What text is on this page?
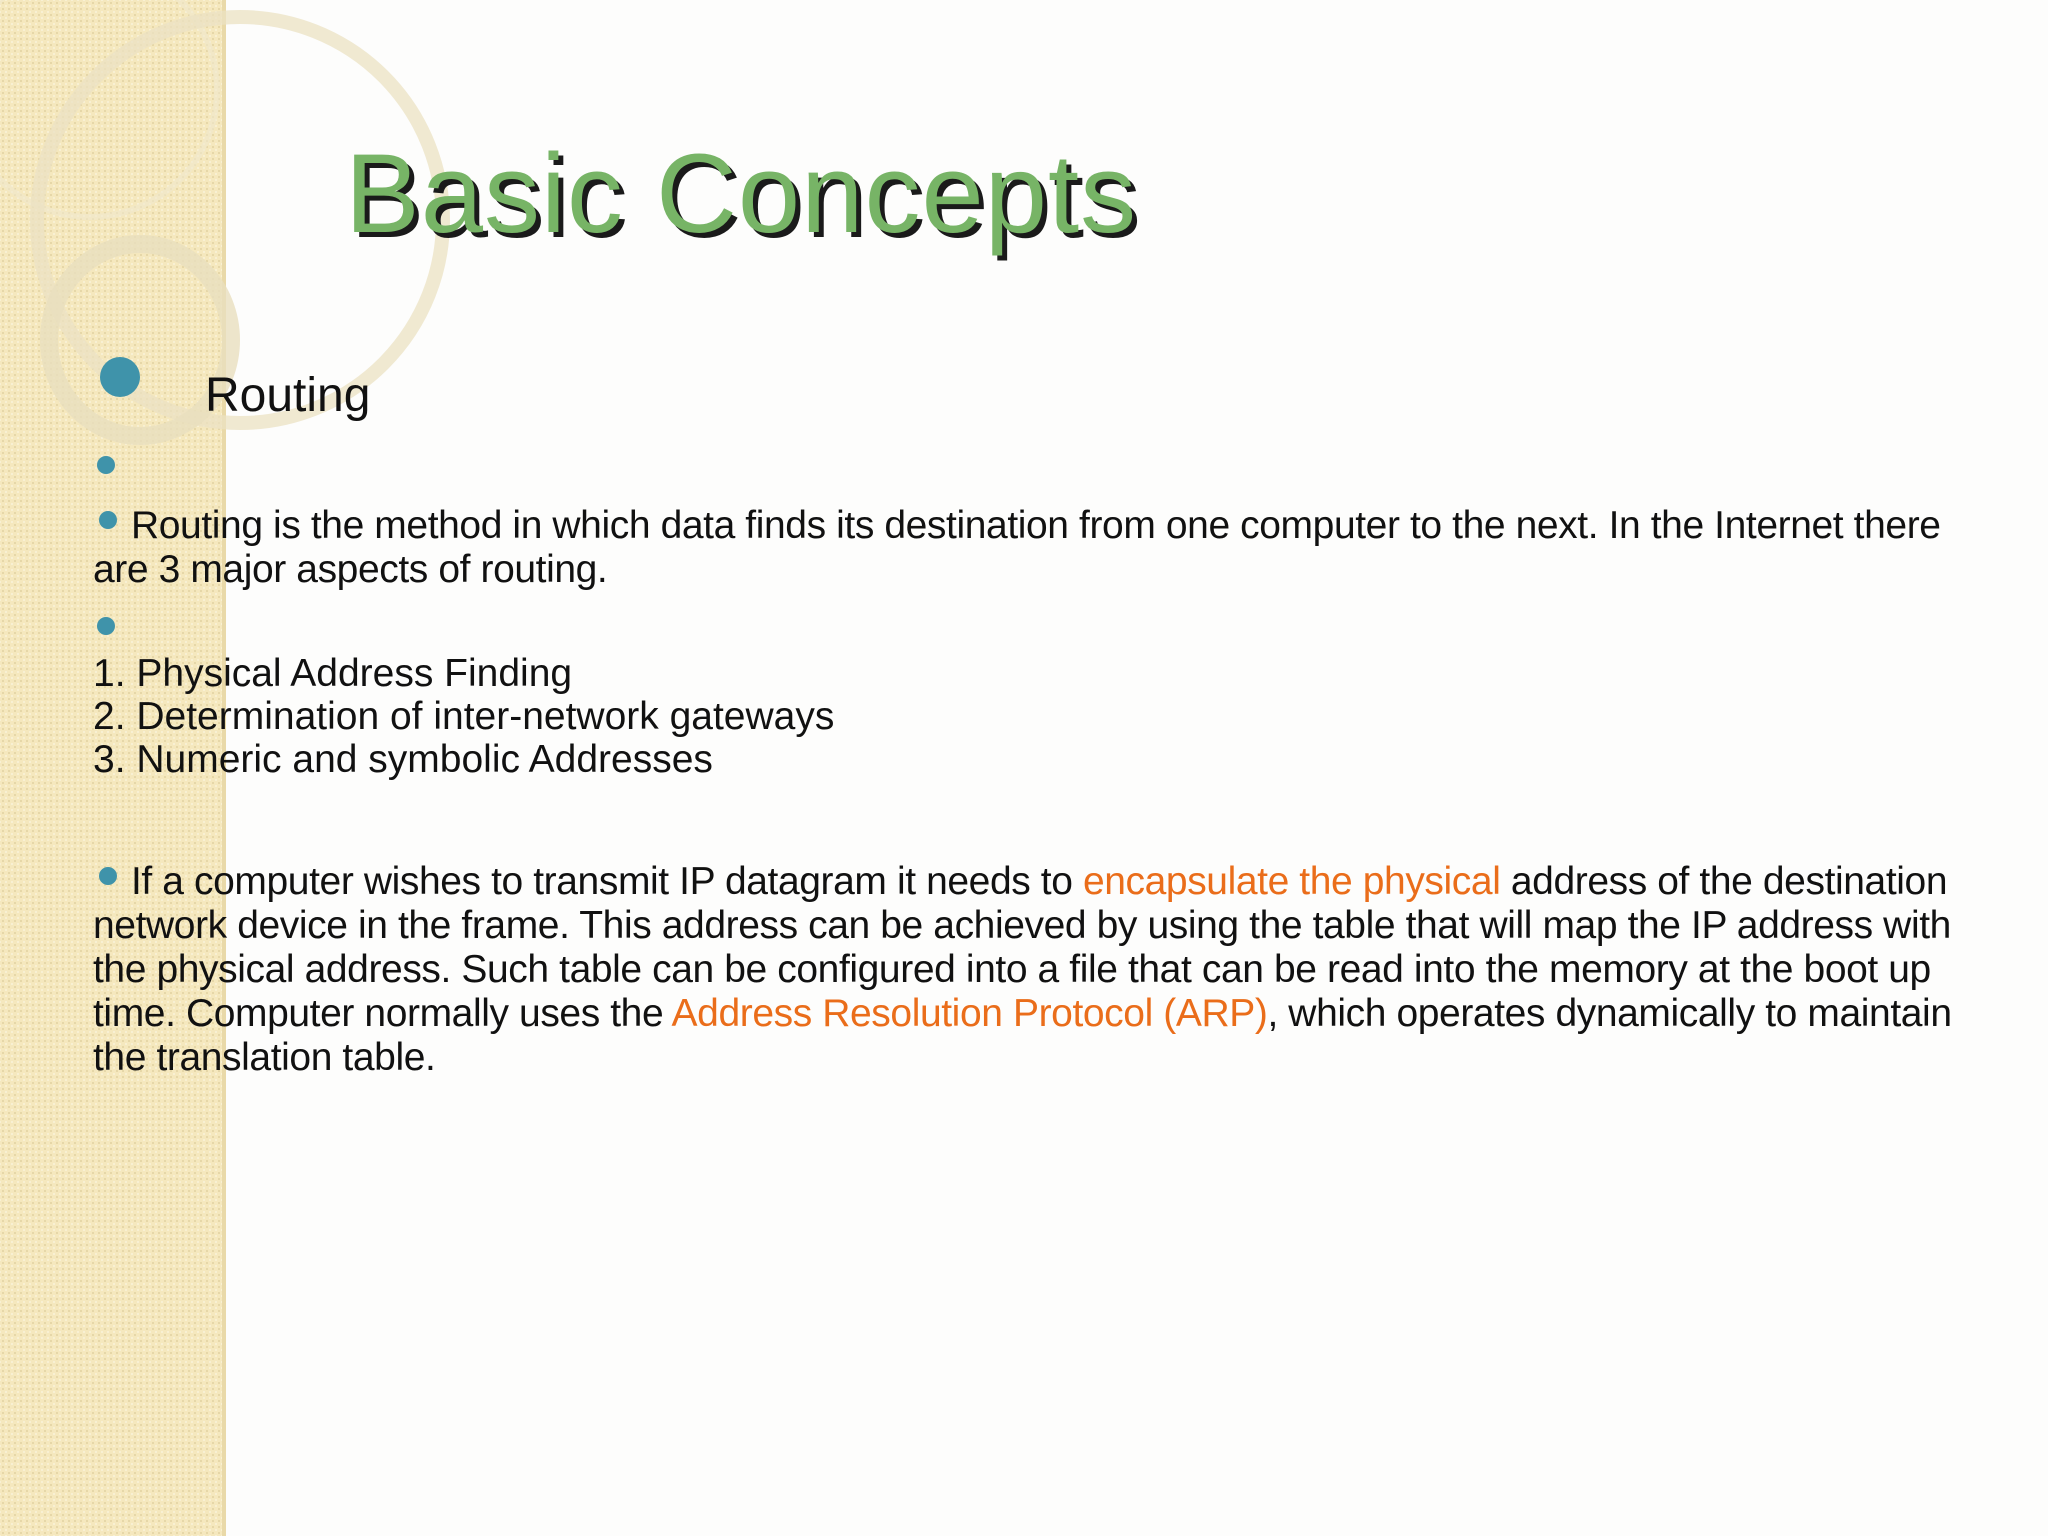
Basic Concepts
Routing
Routing is the method in which data finds its destination from one computer to the next. In the Internet there are 3 major aspects of routing.
1. Physical Address Finding
2. Determination of inter-network gateways
3. Numeric and symbolic Addresses
If a computer wishes to transmit IP datagram it needs to encapsulate the physical address of the destination network device in the frame. This address can be achieved by using the table that will map the IP address with the physical address. Such table can be configured into a file that can be read into the memory at the boot up time. Computer normally uses the Address Resolution Protocol (ARP), which operates dynamically to maintain the translation table.
